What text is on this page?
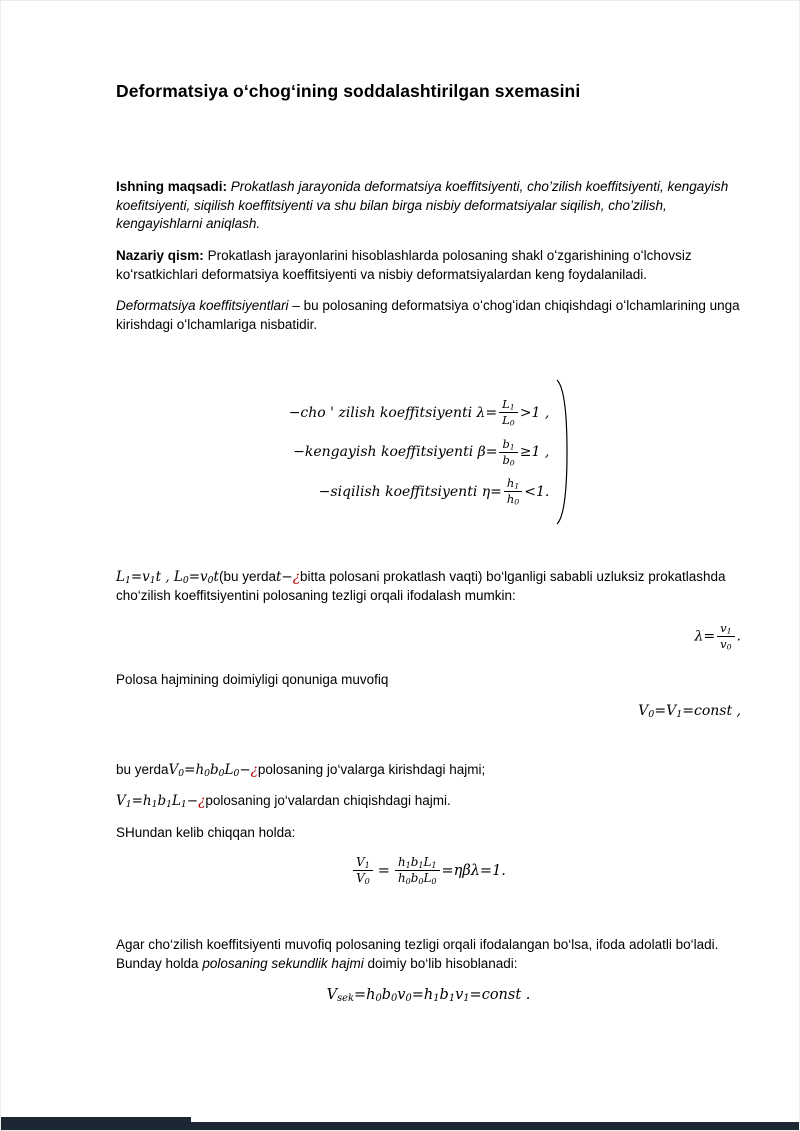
Deformatsiya oʻchogʻining soddalashtirilgan sxemasini

Ishning maqsadi: Prokatlash jarayonida deformatsiya koeffitsiyenti, cho’zilish koeffitsiyenti, kengayish koefitsiyenti, siqilish koeffitsiyenti va shu bilan birga nisbiy deformatsiyalar siqilish, cho’zilish, kengayishlarni aniqlash.

Nazariy qism: Prokatlash jarayonlarini hisoblashlarda polosaning shakl oʻzgarishining oʻlchovsiz koʻrsatkichlari deformatsiya koeffitsiyenti va nisbiy deformatsiyalardan keng foydalaniladi.

Deformatsiya koeffitsiyentlari – bu polosaning deformatsiya oʻchogʻidan chiqishdagi oʻlchamlarining unga kirishdagi oʻlchamlariga nisbatidir.

−cho ' zilish koeffitsiyenti $\lambda= \frac{L_1}{L_0} >1$ ,
−kengayish koeffitsiyenti $\beta= \frac{b_1}{b_0} \ge 1$ ,
−siqilish koeffitsiyenti $\eta= \frac{h_1}{h_0} <1$.

$L_1=v_1t$ , $L_0=v_0t(bu$ yerdat−¿bitta polosani prokatlash vaqti) bo‘lganligi sababli uzluksiz prokatlashda cho‘zilish koeffitsiyentini polosaning tezligi orqali ifodalash mumkin:

$\lambda= \frac{v_1}{v_0}$ .

Polosa hajmining doimiyligi qonuniga muvofiq

$V_0=V_1=const$ ,

bu $yerdaV_0=h_0b_0L_0-¿polosaning$ jo‘valarga kirishdagi hajmi;

$V_1=h_1b_1L_1-¿polosaning$ jo‘valardan chiqishdagi hajmi.

SHundan kelib chiqqan holda:

$\frac{V_1}{V_0} = \frac{h_1b_1L_1}{h_0b_0L_0} =\eta\beta\lambda=1$.

Agar cho‘zilish koeffitsiyenti muvofiq polosaning tezligi orqali ifodalangan bo‘lsa, ifoda adolatli bo‘ladi. Bunday holda polosaning sekundlik hajmi doimiy bo‘lib hisoblanadi:

$V_{sek}=h_0b_0v_0=h_1b_1v_1=const$ .
